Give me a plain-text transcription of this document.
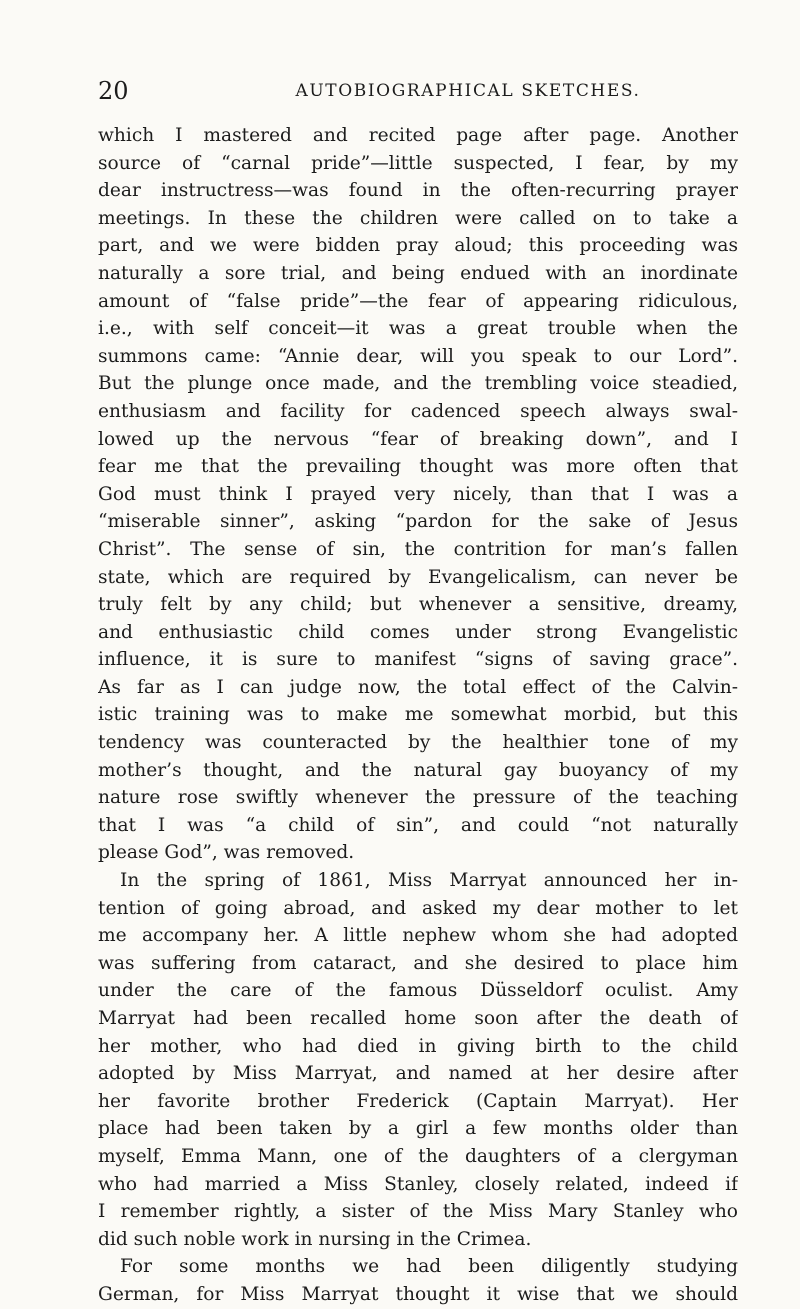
20	AUTOBIOGRAPHICAL SKETCHES.
which I mastered and recited page after page. Another
source of “carnal pride”—little suspected, I fear, by my
dear instructress—was found in the often-recurring prayer
meetings. In these the children were called on to take a
part, and we were bidden pray aloud; this proceeding was
naturally a sore trial, and being endued with an inordinate
amount of “false pride”—the fear of appearing ridiculous,
i.e., with self conceit—it was a great trouble when the
summons came: “Annie dear, will you speak to our Lord”.
But the plunge once made, and the trembling voice steadied,
enthusiasm and facility for cadenced speech always swal-
lowed up the nervous “fear of breaking down”, and I
fear me that the prevailing thought was more often that
God must think I prayed very nicely, than that I was a
“miserable sinner”, asking “pardon for the sake of Jesus
Christ”. The sense of sin, the contrition for man’s fallen
state, which are required by Evangelicalism, can never be
truly felt by any child; but whenever a sensitive, dreamy,
and enthusiastic child comes under strong Evangelistic
influence, it is sure to manifest “signs of saving grace”.
As far as I can judge now, the total effect of the Calvin-
istic training was to make me somewhat morbid, but this
tendency was counteracted by the healthier tone of my
mother’s thought, and the natural gay buoyancy of my
nature rose swiftly whenever the pressure of the teaching
that I was “a child of sin”, and could “not naturally
please God”, was removed.
In the spring of 1861, Miss Marryat announced her in-
tention of going abroad, and asked my dear mother to let
me accompany her. A little nephew whom she had adopted
was suffering from cataract, and she desired to place him
under the care of the famous Düsseldorf oculist. Amy
Marryat had been recalled home soon after the death of
her mother, who had died in giving birth to the child
adopted by Miss Marryat, and named at her desire after
her favorite brother Frederick (Captain Marryat). Her
place had been taken by a girl a few months older than
myself, Emma Mann, one of the daughters of a clergyman
who had married a Miss Stanley, closely related, indeed if
I remember rightly, a sister of the Miss Mary Stanley who
did such noble work in nursing in the Crimea.
For some months we had been diligently studying
German, for Miss Marryat thought it wise that we should
